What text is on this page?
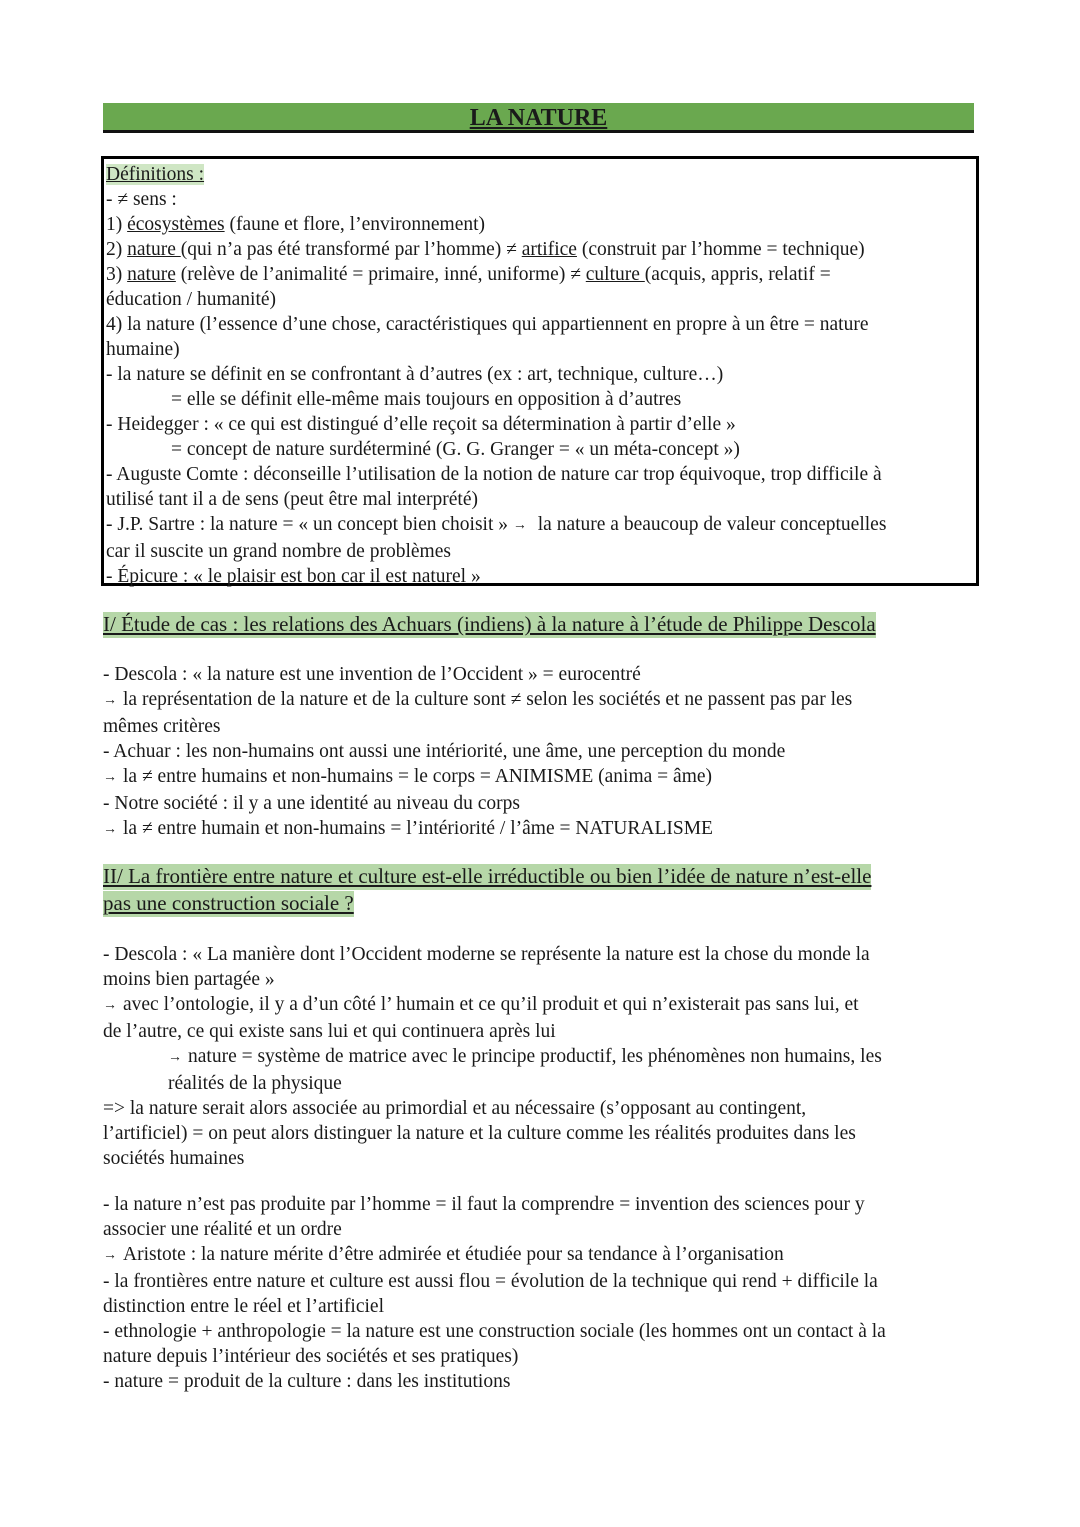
LA NATURE
Définitions :
- ≠ sens :
1) écosystèmes (faune et flore, l’environnement)
2) nature (qui n’a pas été transformé par l’homme) ≠ artifice (construit par l’homme = technique)
3) nature (relève de l’animalité = primaire, inné, uniforme) ≠ culture (acquis, appris, relatif =
éducation / humanité)
4) la nature (l’essence d’une chose, caractéristiques qui appartiennent en propre à un être = nature
humaine)
- la nature se définit en se confrontant à d’autres (ex : art, technique, culture…)
= elle se définit elle-même mais toujours en opposition à d’autres
- Heidegger : « ce qui est distingué d’elle reçoit sa détermination à partir d’elle »
= concept de nature surdéterminé (G. G. Granger = « un méta-concept »)
- Auguste Comte : déconseille l’utilisation de la notion de nature car trop équivoque, trop difficile à
utilisé tant il a de sens (peut être mal interprété)
- J.P. Sartre : la nature = « un concept bien choisit » → la nature a beaucoup de valeur conceptuelles
car il suscite un grand nombre de problèmes
- Épicure : « le plaisir est bon car il est naturel »
I/ Étude de cas : les relations des Achuars (indiens) à la nature à l’étude de Philippe Descola
- Descola : « la nature est une invention de l’Occident » = eurocentré
→ la représentation de la nature et de la culture sont ≠ selon les sociétés et ne passent pas par les
mêmes critères
- Achuar : les non-humains ont aussi une intériorité, une âme, une perception du monde
→ la ≠ entre humains et non-humains = le corps = ANIMISME (anima = âme)
- Notre société : il y a une identité au niveau du corps
→ la ≠ entre humain et non-humains = l’intériorité / l’âme = NATURALISME
II/ La frontière entre nature et culture est-elle irréductible ou bien l’idée de nature n’est-elle
pas une construction sociale ?
- Descola : « La manière dont l’Occident moderne se représente la nature est la chose du monde la
moins bien partagée »
→ avec l’ontologie, il y a d’un côté l’ humain et ce qu’il produit et qui n’existerait pas sans lui, et
de l’autre, ce qui existe sans lui et qui continuera après lui
→ nature = système de matrice avec le principe productif, les phénomènes non humains, les
réalités de la physique
=> la nature serait alors associée au primordial et au nécessaire (s’opposant au contingent,
l’artificiel) = on peut alors distinguer la nature et la culture comme les réalités produites dans les
sociétés humaines
- la nature n’est pas produite par l’homme = il faut la comprendre = invention des sciences pour y
associer une réalité et un ordre
→ Aristote : la nature mérite d’être admirée et étudiée pour sa tendance à l’organisation
- la frontières entre nature et culture est aussi flou = évolution de la technique qui rend + difficile la
distinction entre le réel et l’artificiel
- ethnologie + anthropologie = la nature est une construction sociale (les hommes ont un contact à la
nature depuis l’intérieur des sociétés et ses pratiques)
- nature = produit de la culture : dans les institutions
